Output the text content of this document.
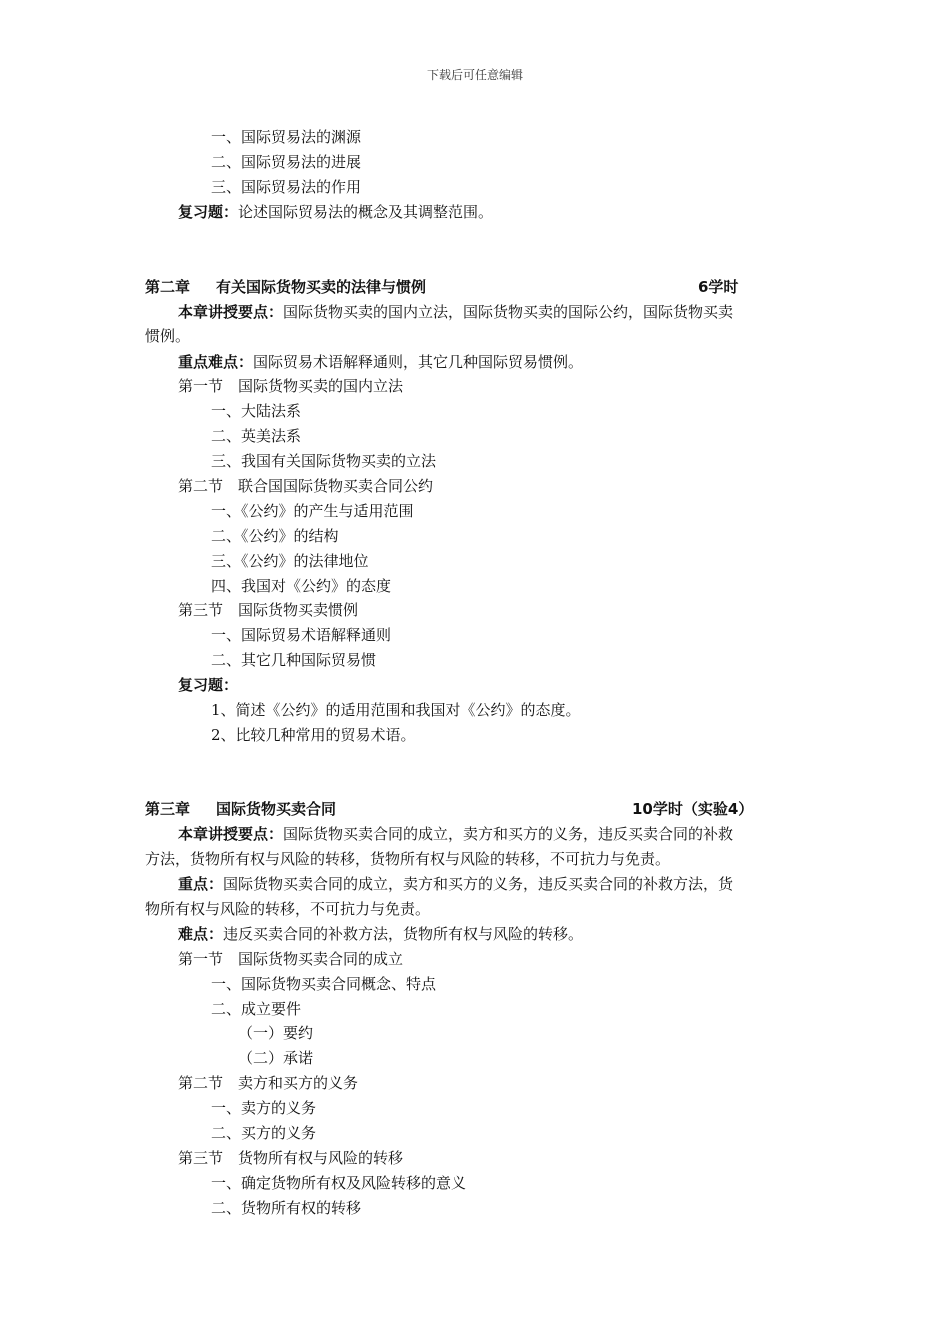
下载后可任意编辑
一、国际贸易法的渊源
二、国际贸易法的进展
三、国际贸易法的作用
复习题：论述国际贸易法的概念及其调整范围。
第二章 有关国际货物买卖的法律与惯例	6学时
本章讲授要点：国际货物买卖的国内立法，国际货物买卖的国际公约，国际货物买卖
惯例。
重点难点：国际贸易术语解释通则，其它几种国际贸易惯例。
第一节　国际货物买卖的国内立法
一、大陆法系
二、英美法系
三、我国有关国际货物买卖的立法
第二节　联合国国际货物买卖合同公约
一、《公约》的产生与适用范围
二、《公约》的结构
三、《公约》的法律地位
四、我国对《公约》的态度
第三节　国际货物买卖惯例
一、国际贸易术语解释通则
二、其它几种国际贸易惯
复习题：
1、简述《公约》的适用范围和我国对《公约》的态度。
2、比较几种常用的贸易术语。
第三章 国际货物买卖合同	10学时（实验4）
本章讲授要点：国际货物买卖合同的成立，卖方和买方的义务，违反买卖合同的补救
方法，货物所有权与风险的转移，货物所有权与风险的转移，不可抗力与免责。
重点：国际货物买卖合同的成立，卖方和买方的义务，违反买卖合同的补救方法，货
物所有权与风险的转移，不可抗力与免责。
难点：违反买卖合同的补救方法，货物所有权与风险的转移。
第一节　国际货物买卖合同的成立
一、国际货物买卖合同概念、特点
二、成立要件
（一）要约
（二）承诺
第二节　卖方和买方的义务
一、卖方的义务
二、买方的义务
第三节　货物所有权与风险的转移
一、确定货物所有权及风险转移的意义
二、货物所有权的转移
